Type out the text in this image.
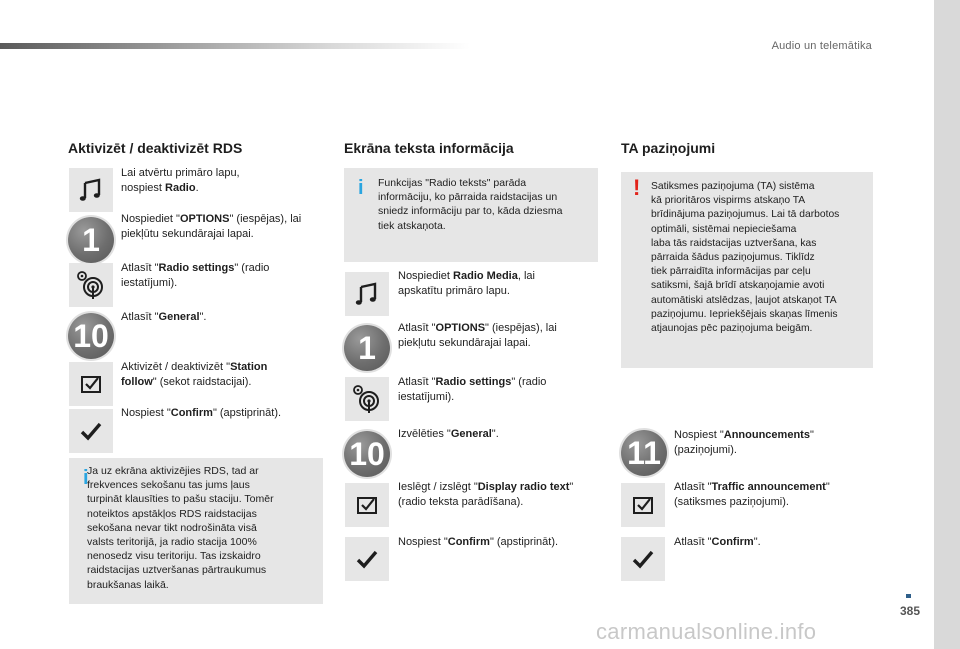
Audio un telemātika
Aktivizēt / deaktivizēt RDS
Lai atvērtu primāro lapu,
nospiest Radio.
1
Nospiediet "OPTIONS" (iespējas), lai
piekļūtu sekundārajai lapai.
Atlasīt "Radio settings" (radio
iestatījumi).
10
Atlasīt "General".
Aktivizēt / deaktivizēt "Station
follow" (sekot raidstacijai).
Nospiest "Confirm" (apstiprināt).
i
Ja uz ekrāna aktivizējies RDS, tad ar
frekvences sekošanu tas jums ļaus
turpināt klausīties to pašu staciju. Tomēr
noteiktos apstākļos RDS raidstacijas
sekošana nevar tikt nodrošināta visā
valsts teritorijā, ja radio stacija 100%
nenosedz visu teritoriju. Tas izskaidro
raidstacijas uztveršanas pārtraukumus
braukšanas laikā.
Ekrāna teksta informācija
i Funkcijas "Radio teksts" parāda
informāciju, ko pārraida raidstacijas un
sniedz informāciju par to, kāda dziesma
tiek atskaņota.
Nospiediet Radio Media, lai
apskatītu primāro lapu.
1
Atlasīt "OPTIONS" (iespējas), lai
piekļutu sekundārajai lapai.
Atlasīt "Radio settings" (radio
iestatījumi).
10
Izvēlēties "General".
Ieslēgt / izslēgt "Display radio text"
(radio teksta parādīšana).
Nospiest "Confirm" (apstiprināt).
TA paziņojumi
! Satiksmes paziņojuma (TA) sistēma
kā prioritāros vispirms atskaņo TA
brīdinājuma paziņojumus. Lai tā darbotos
optimāli, sistēmai nepieciešama
laba tās raidstacijas uztveršana, kas
pārraida šādus paziņojumus. Tiklīdz
tiek pārraidīta informācijas par ceļu
satiksmi, šajā brīdī atskaņojamie avoti
automātiski atslēdzas, ļaujot atskaņot TA
paziņojumu. Iepriekšējais skaņas līmenis
atjaunojas pēc paziņojuma beigām.
11	Nospiest "Announcements"
(paziņojumi).
Atlasīt "Traffic announcement"
(satiksmes paziņojumi).
Atlasīt "Confirm".
385
carmanualsonline.info
